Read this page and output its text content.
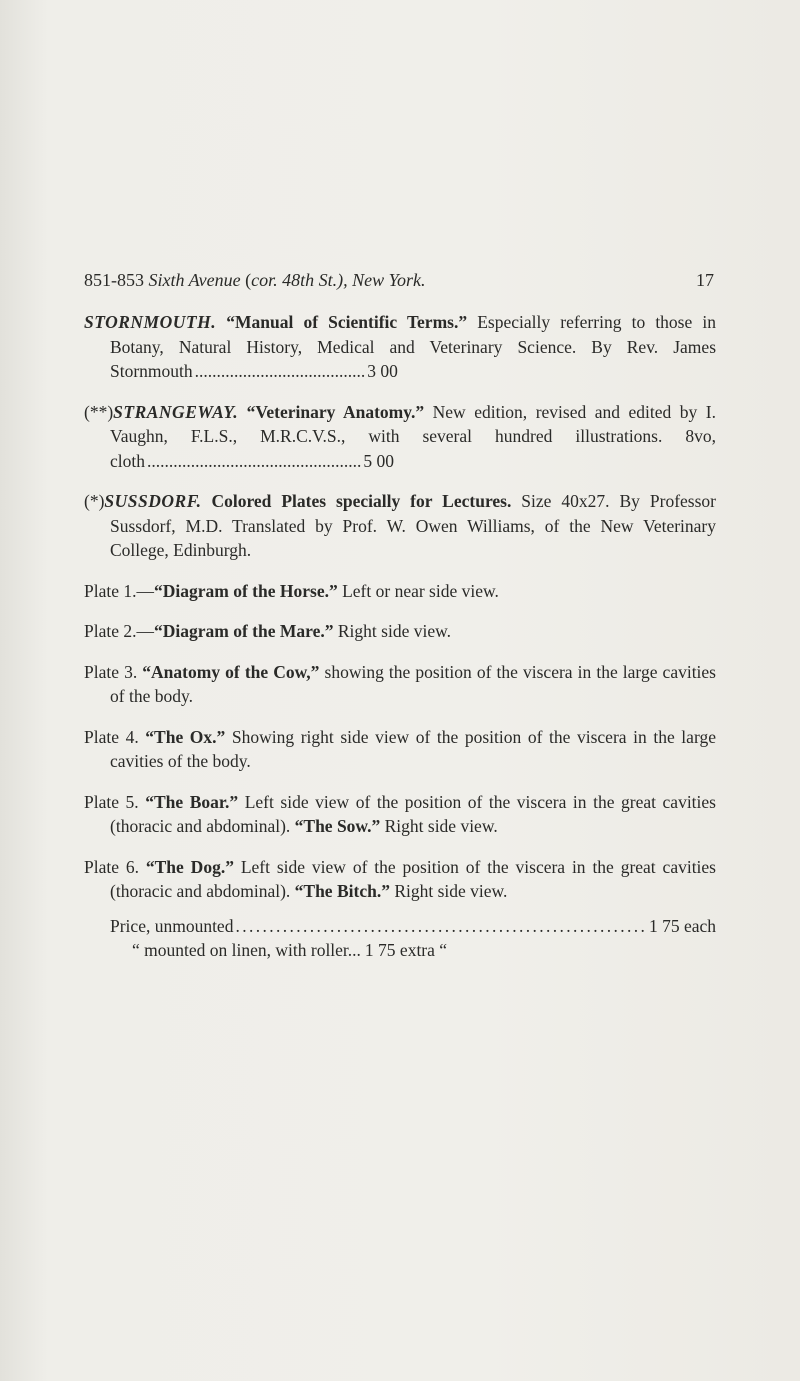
851-853 Sixth Avenue (cor. 48th St.), New York.	17
STORNMOUTH. “Manual of Scientific Terms.” Especially referring to those in Botany, Natural History, Medical and Veterinary Science. By Rev. James Stornmouth ....................................... 3 00
(**)STRANGEWAY. “Veterinary Anatomy.” New edition, revised and edited by I. Vaughn, F.L.S., M.R.C.V.S., with several hundred illustrations. 8vo, cloth ................................................. 5 00
(*)SUSSDORF. Colored Plates specially for Lectures. Size 40x27. By Professor Sussdorf, M.D. Translated by Prof. W. Owen Williams, of the New Veterinary College, Edinburgh.
Plate 1.—“Diagram of the Horse.” Left or near side view.
Plate 2.—“Diagram of the Mare.” Right side view.
Plate 3. “Anatomy of the Cow,” showing the position of the viscera in the large cavities of the body.
Plate 4. “The Ox.” Showing right side view of the position of the viscera in the large cavities of the body.
Plate 5. “The Boar.” Left side view of the position of the viscera in the great cavities (thoracic and abdominal). “The Sow.” Right side view.
Plate 6. “The Dog.” Left side view of the position of the viscera in the great cavities (thoracic and abdominal). “The Bitch.” Right side view.
Price, unmounted
. . .	1 75 each
“ mounted on linen, with roller... 1 75 extra “
